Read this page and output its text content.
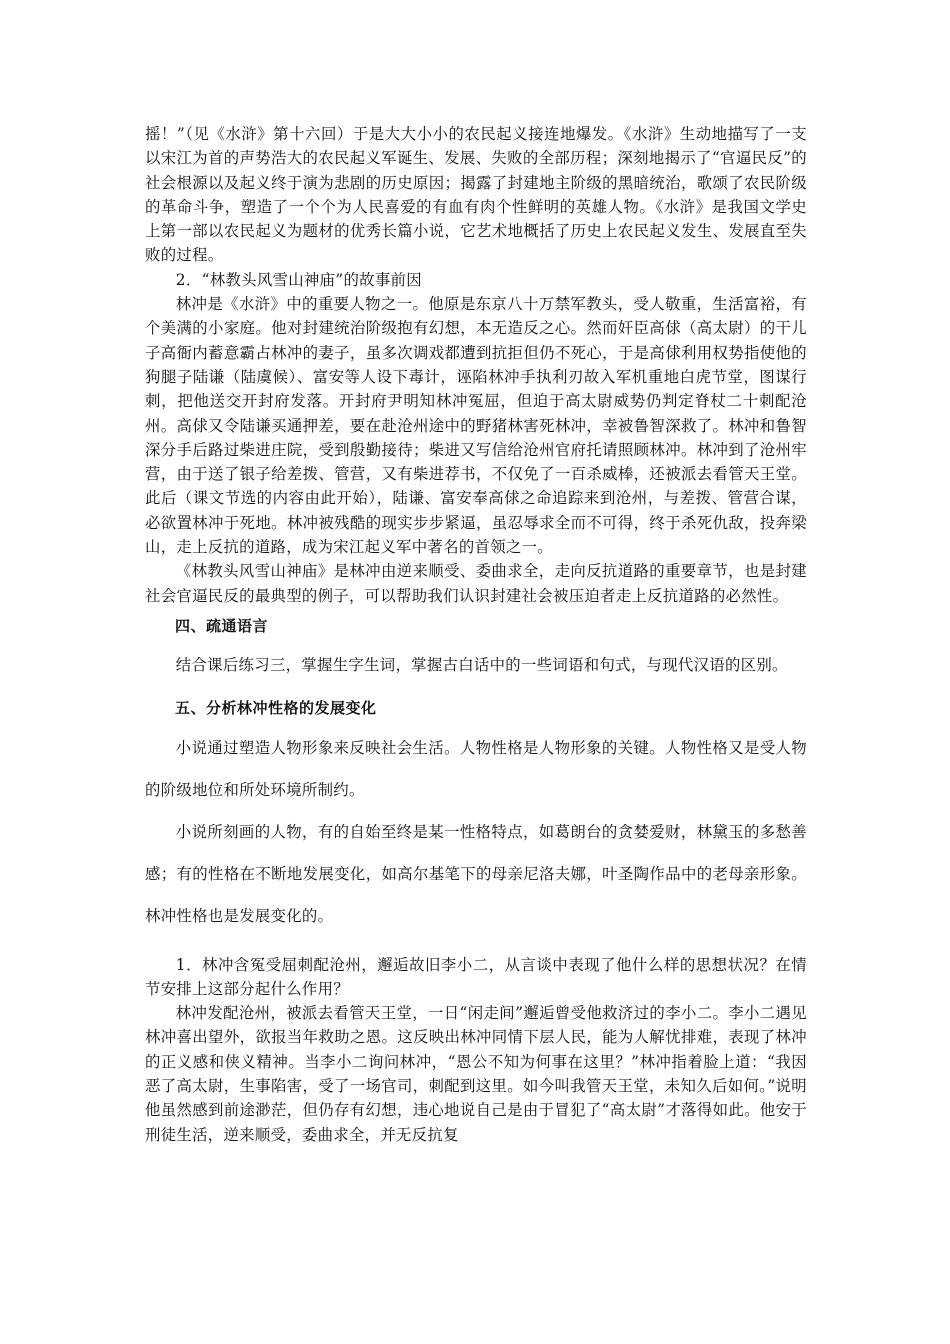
摇！”（见《水浒》第十六回）于是大大小小的农民起义接连地爆发。《水浒》生动地描写了一支以宋江为首的声势浩大的农民起义军诞生、发展、失败的全部历程；深刻地揭示了“官逼民反”的社会根源以及起义终于演为悲剧的历史原因；揭露了封建地主阶级的黑暗统治，歌颂了农民阶级的革命斗争，塑造了一个个为人民喜爱的有血有肉个性鲜明的英雄人物。《水浒》是我国文学史上第一部以农民起义为题材的优秀长篇小说，它艺术地概括了历史上农民起义发生、发展直至失败的过程。

2．“林教头风雪山神庙”的故事前因

林冲是《水浒》中的重要人物之一。他原是东京八十万禁军教头，受人敬重，生活富裕，有个美满的小家庭。他对封建统治阶级抱有幻想，本无造反之心。然而奸臣高俅（高太尉）的干儿子高衙内蓄意霸占林冲的妻子，虽多次调戏都遭到抗拒但仍不死心，于是高俅利用权势指使他的狗腿子陆谦（陆虞候）、富安等人设下毒计，诬陷林冲手执利刃故入军机重地白虎节堂，图谋行刺，把他送交开封府发落。开封府尹明知林冲冤屈，但迫于高太尉威势仍判定脊杖二十刺配沧州。高俅又令陆谦买通押差，要在赴沧州途中的野猪林害死林冲，幸被鲁智深救了。林冲和鲁智深分手后路过柴进庄院，受到殷勤接待；柴进又写信给沧州官府托请照顾林冲。林冲到了沧州牢营，由于送了银子给差拨、管营，又有柴进荐书，不仅免了一百杀威棒，还被派去看管天王堂。此后（课文节选的内容由此开始），陆谦、富安奉高俅之命追踪来到沧州，与差拨、管营合谋，必欲置林冲于死地。林冲被残酷的现实步步紧逼，虽忍辱求全而不可得，终于杀死仇敌，投奔梁山，走上反抗的道路，成为宋江起义军中著名的首领之一。

《林教头风雪山神庙》是林冲由逆来顺受、委曲求全，走向反抗道路的重要章节，也是封建社会官逼民反的最典型的例子，可以帮助我们认识封建社会被压迫者走上反抗道路的必然性。

四、疏通语言

结合课后练习三，掌握生字生词，掌握古白话中的一些词语和句式，与现代汉语的区别。

五、分析林冲性格的发展变化

小说通过塑造人物形象来反映社会生活。人物性格是人物形象的关键。人物性格又是受人物的阶级地位和所处环境所制约。

小说所刻画的人物，有的自始至终是某一性格特点，如葛朗台的贪婪爱财，林黛玉的多愁善感；有的性格在不断地发展变化，如高尔基笔下的母亲尼洛夫娜，叶圣陶作品中的老母亲形象。林冲性格也是发展变化的。

1．林冲含冤受屈刺配沧州，邂逅故旧李小二，从言谈中表现了他什么样的思想状况？在情节安排上这部分起什么作用？

林冲发配沧州，被派去看管天王堂，一日“闲走间”邂逅曾受他救济过的李小二。李小二遇见林冲喜出望外，欲报当年救助之恩。这反映出林冲同情下层人民，能为人解忧排难，表现了林冲的正义感和侠义精神。当李小二询问林冲，“恩公不知为何事在这里？”林冲指着脸上道：“我因恶了高太尉，生事陷害，受了一场官司，刺配到这里。如今叫我管天王堂，未知久后如何。”说明他虽然感到前途渺茫，但仍存有幻想，违心地说自己是由于冒犯了“高太尉”才落得如此。他安于刑徒生活，逆来顺受，委曲求全，并无反抗复
